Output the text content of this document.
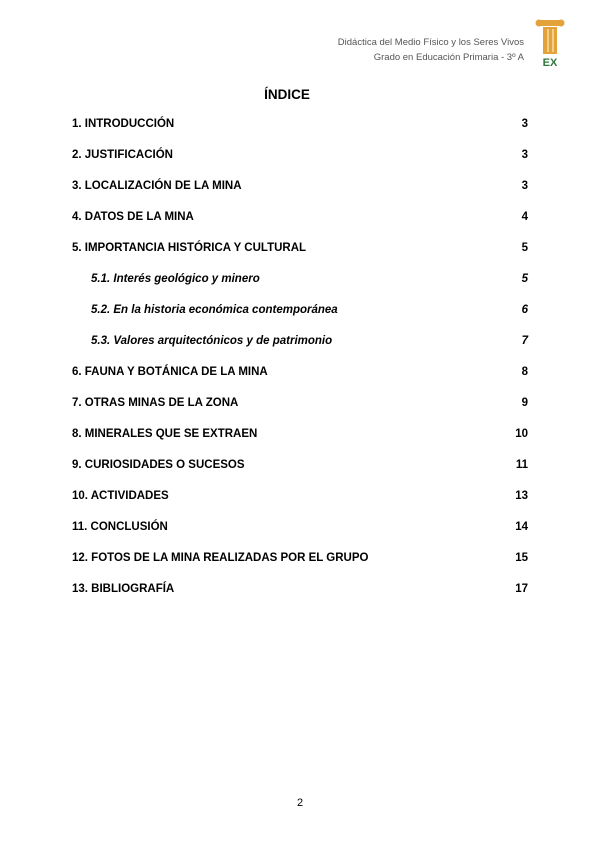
Didáctica del Medio Físico y los Seres Vivos
Grado en Educación Primaria - 3º A EX
ÍNDICE
1. INTRODUCCIÓN	3
2. JUSTIFICACIÓN	3
3. LOCALIZACIÓN DE LA MINA	3
4. DATOS DE LA MINA	4
5. IMPORTANCIA HISTÓRICA Y CULTURAL	5
5.1. Interés geológico y minero	5
5.2. En la historia económica contemporánea	6
5.3. Valores arquitectónicos y de patrimonio	7
6. FAUNA Y BOTÁNICA DE LA MINA	8
7. OTRAS MINAS DE LA ZONA	9
8. MINERALES QUE SE EXTRAEN	10
9. CURIOSIDADES O SUCESOS	11
10. ACTIVIDADES	13
11. CONCLUSIÓN	14
12. FOTOS DE LA MINA REALIZADAS POR EL GRUPO	15
13. BIBLIOGRAFÍA	17
2
